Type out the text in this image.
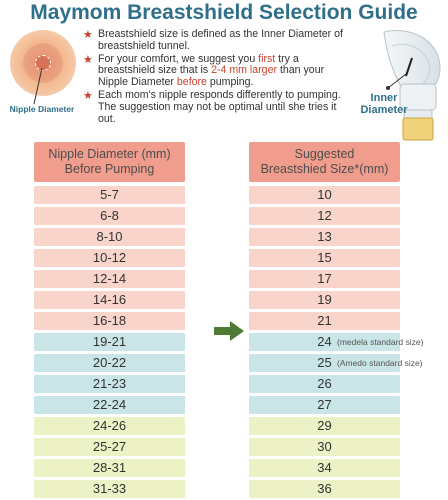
Maymom Breastshield Selection Guide
Nipple Diameter
★ Breastshield size is defined as the Inner Diameter of breastshield tunnel.
★ For your comfort, we suggest you first try a breastshield size that is 2-4 mm larger than your Nipple Diameter before pumping.
★ Each mom's nipple responds differently to pumping. The suggestion may not be optimal until she tries it out.
Inner Diameter
Nipple Diameter (mm)
Before Pumping
5-7
6-8
8-10
10-12
12-14
14-16
16-18
19-21
20-22
21-23
22-24
24-26
25-27
28-31
31-33
Suggested
Breastshied Size*(mm)
10
12
13
15
17
19
21
24 (medela standard size)
25 (Amedo standard size)
26
27
29
30
34
36
